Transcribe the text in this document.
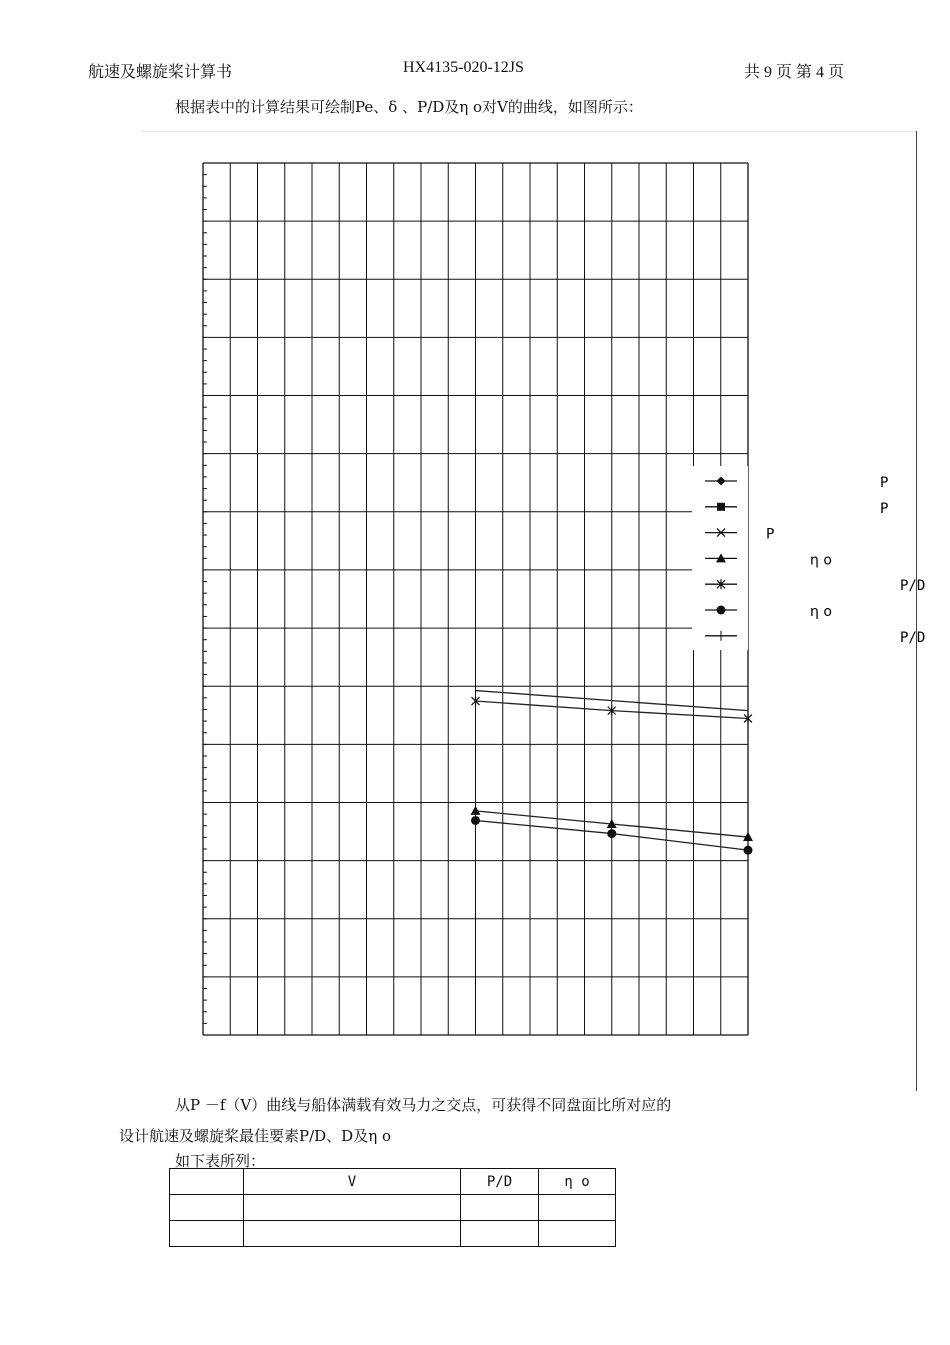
航速及螺旋桨计算书	HX4135-020-12JS	共 9 页 第 4 页
根据表中的计算结果可绘制Pe、δ 、P/D及η o对V的曲线，如图所示：
P
P
P
η o
P/D
η o
P/D
从P －f（V）曲线与船体满载有效马力之交点，可获得不同盘面比所对应的
设计航速及螺旋桨最佳要素P/D、D及η o
如下表所列：
	V	P/D	η o
